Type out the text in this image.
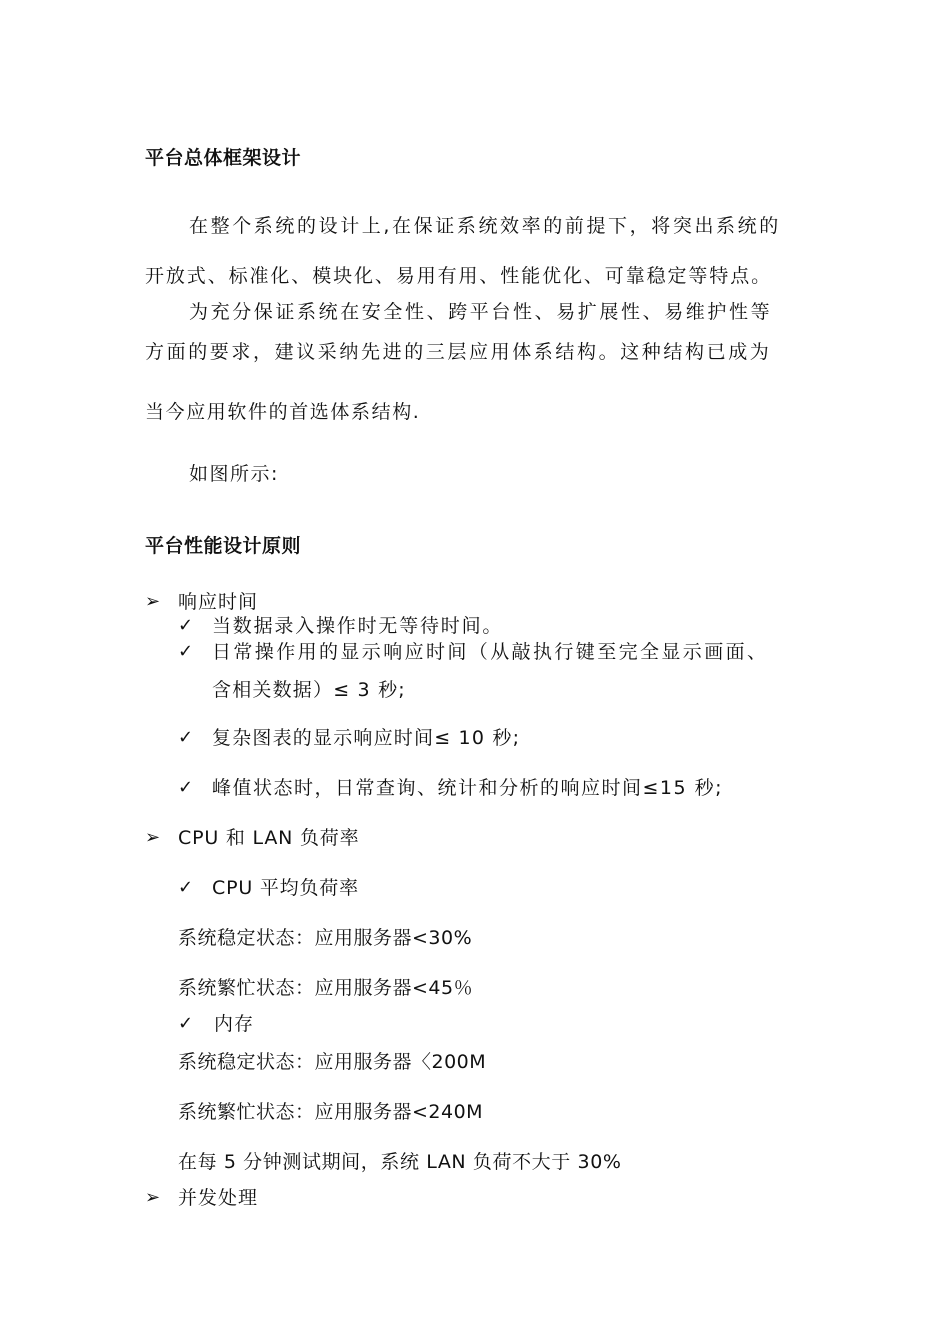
平台总体框架设计
在整个系统的设计上,在保证系统效率的前提下，将突出系统的
开放式、标准化、模块化、易用有用、性能优化、可靠稳定等特点。
为充分保证系统在安全性、跨平台性、易扩展性、易维护性等
方面的要求，建议采纳先进的三层应用体系结构。这种结构已成为
当今应用软件的首选体系结构.
如图所示:
平台性能设计原则
➢ 响应时间
✓ 当数据录入操作时无等待时间。
✓ 日常操作用的显示响应时间（从敲执行键至完全显示画面、
含相关数据）≤ 3 秒;
✓ 复杂图表的显示响应时间≤ 10 秒;
✓ 峰值状态时，日常查询、统计和分析的响应时间≤15 秒;
➢ CPU 和 LAN 负荷率
✓ CPU 平均负荷率
系统稳定状态：应用服务器<30%
系统繁忙状态：应用服务器<45％
✓ 内存
系统稳定状态：应用服务器〈200M
系统繁忙状态：应用服务器<240M
在每 5 分钟测试期间，系统 LAN 负荷不大于 30%
➢ 并发处理
